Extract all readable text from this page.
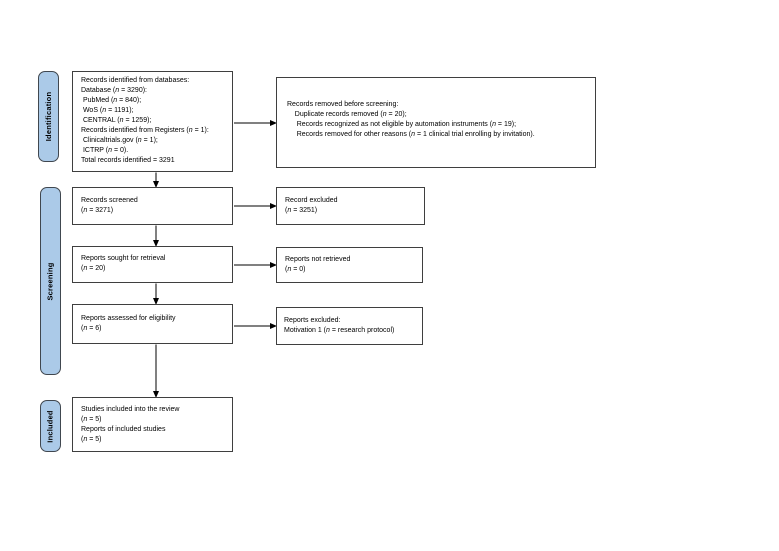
Identification
Screening
Included
Records identified from databases:
Database (n = 3290):
PubMed (n = 840);
WoS (n = 1191);
CENTRAL (n = 1259);
Records identified from Registers (n = 1):
Clinicaltrials.gov (n = 1);
ICTRP (n = 0).
Total records identified = 3291
Records removed before screening:
Duplicate records removed (n = 20);
Records recognized as not eligible by automation instruments (n = 19);
Records removed for other reasons (n = 1 clinical trial enrolling by invitation).
Records screened
(n = 3271)
Record excluded
(n = 3251)
Reports sought for retrieval
(n = 20)
Reports not retrieved
(n = 0)
Reports assessed for eligibility
(n = 6)
Reports excluded:
Motivation 1 (n = research protocol)
Studies included into the review
(n = 5)
Reports of included studies
(n = 5)
